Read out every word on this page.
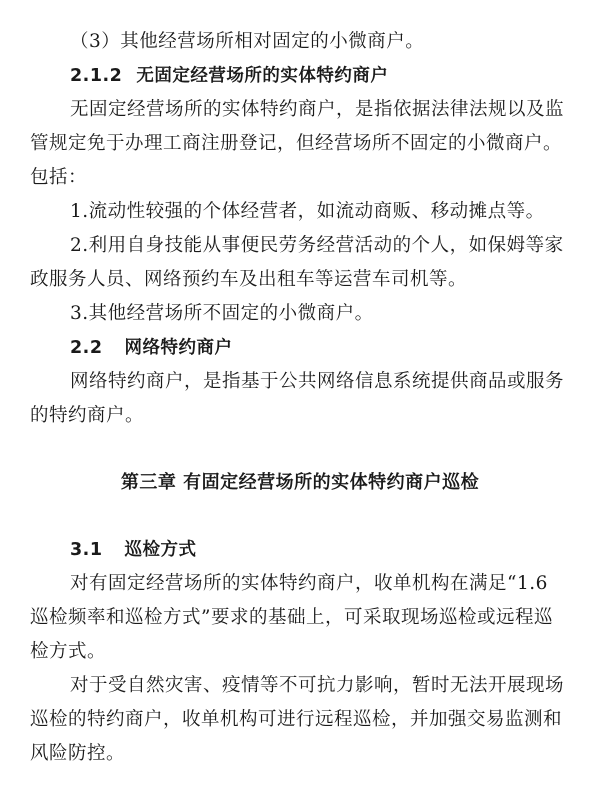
（3）其他经营场所相对固定的小微商户。
2.1.2 无固定经营场所的实体特约商户
无固定经营场所的实体特约商户，是指依据法律法规以及监
管规定免于办理工商注册登记，但经营场所不固定的小微商户。
包括：
1.流动性较强的个体经营者，如流动商贩、移动摊点等。
2.利用自身技能从事便民劳务经营活动的个人，如保姆等家
政服务人员、网络预约车及出租车等运营车司机等。
3.其他经营场所不固定的小微商户。
2.2 网络特约商户
网络特约商户，是指基于公共网络信息系统提供商品或服务
的特约商户。
第三章 有固定经营场所的实体特约商户巡检
3.1 巡检方式
对有固定经营场所的实体特约商户，收单机构在满足“1.6
巡检频率和巡检方式”要求的基础上，可采取现场巡检或远程巡
检方式。
对于受自然灾害、疫情等不可抗力影响，暂时无法开展现场
巡检的特约商户，收单机构可进行远程巡检，并加强交易监测和
风险防控。
